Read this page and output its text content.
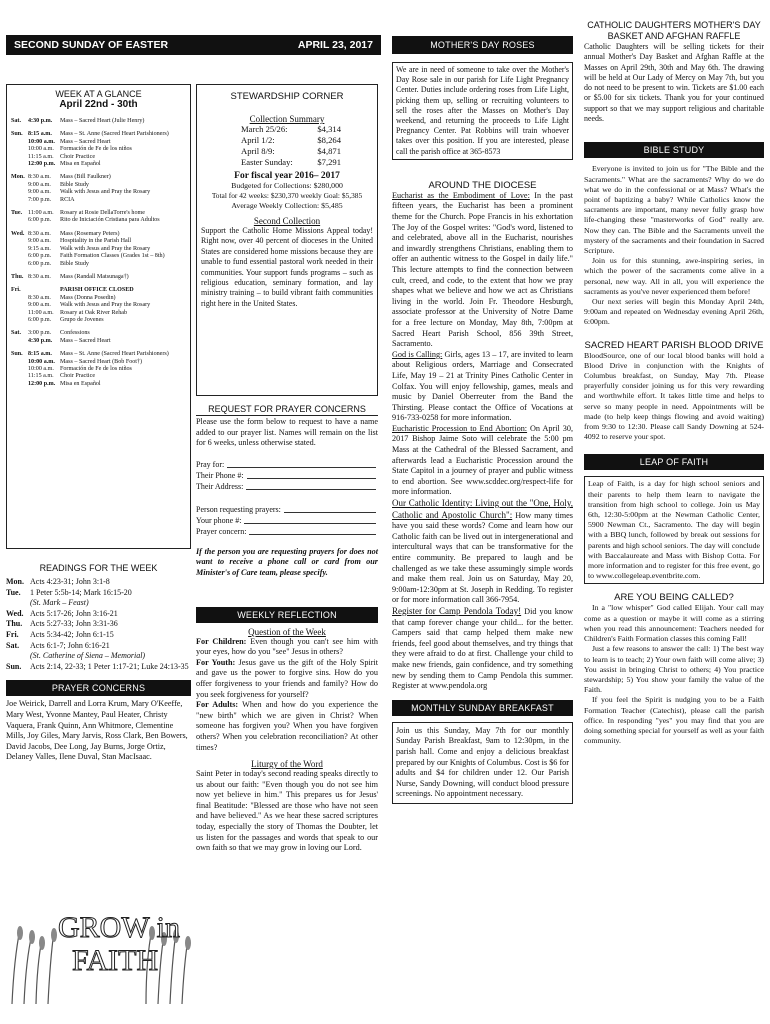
SECOND SUNDAY OF EASTER	APRIL 23, 2017
WEEK AT A GLANCE
April 22nd - 30th
Sat.	4:30 p.m.	Mass – Sacred Heart (Julie Henry)
Sun. 8:15 a.m.	Mass – St. Anne (Sacred Heart Parishioners)
10:00 a.m. Mass – Sacred Heart
10:00 a.m. Formación de Fe de los niños
11:15 a.m.	Choir Practice
12:00 p.m. Misa en Español
Mon. 8:30 a.m.	Mass (Bill Faulkner)
9:00 a.m.	Bible Study
9:00 a.m.	Walk with Jesus and Pray the Rosary
7:00 p.m.	RCIA
Tue. 11:00 a.m.	Rosary at Rosie DellaTorre's home
6:00 p.m.	Rito de Iniciación Cristiana para Adultos
Wed. 8:30 a.m.	Mass (Rosemary Peters)
9:00 a.m.	Hospitality in the Parish Hall
9:15 a.m.	Walk with Jesus and Pray the Rosary
6:00 p.m.	Faith Formation Classes (Grades 1st – 8th)
6:00 p.m.	Bible Study
Thu. 8:30 a.m.	Mass (Randall Matsunaga†)
Fri.	PARISH OFFICE CLOSED
8:30 a.m.	Mass (Donna Posedin)
9:00 a.m.	Walk with Jesus and Pray the Rosary
11:00 a.m.	Rosary at Oak River Rehab
6:00 p.m.	Grupo de Jovenes
Sat.	3:00 p.m.	Confessions
4:30 p.m.	Mass – Sacred Heart
Sun. 8:15 a.m.	Mass – St. Anne (Sacred Heart Parishioners)
10:00 a.m. Mass – Sacred Heart (Bob Foot†)
10:00 a.m. Formación de Fe de los niños
11:15 a.m.	Choir Practice
12:00 p.m. Misa en Español
READINGS FOR THE WEEK
Mon. Acts 4:23-31; John 3:1-8
Tue.	1 Peter 5:5b-14; Mark 16:15-20
(St. Mark – Feast)
Wed. Acts 5:17-26; John 3:16-21
Thu. Acts 5:27-33; John 3:31-36
Fri.	Acts 5:34-42; John 6:1-15
Sat.	Acts 6:1-7; John 6:16-21
(St. Catherine of Siena – Memorial)
Sun.	Acts 2:14, 22-33; 1 Peter 1:17-21; Luke 24:13-35
PRAYER CONCERNS
Joe Weirick, Darrell and Lorra Krum, Mary O'Keeffe, Mary West, Yvonne Mantey, Paul Heater, Christy Vaquera, Frank Quinn, Ann Whitmore, Clementine Mills, Joy Giles, Mary Jarvis, Ross Clark, Ben Bowers, David Jacobs, Dee Long, Jay Burns, Jorge Ortiz, Delaney Valles, Ilene Duval, Stan MacIsaac.
GROW in
FAITH
STEWARDSHIP CORNER
Collection Summary
March 25/26:	$4,314
April 1/2:	$8,264
April 8/9:	$4,871
Easter Sunday:	$7,291
For fiscal year 2016– 2017
Budgeted for Collections: $280,000
Total for 42 weeks: $230,370 weekly Goal: $5,385
Average Weekly Collection: $5,485
Second Collection
Support the Catholic Home Missions Appeal today! Right now, over 40 percent of dioceses in the United States are considered home missions because they are unable to fund essential pastoral work needed in their communities. Your support funds programs – such as religious education, seminary formation, and lay ministry training – to build vibrant faith communities right here in the United States.
REQUEST FOR PRAYER CONCERNS
Please use the form below to request to have a name added to our prayer list. Names will remain on the list for 6 weeks, unless otherwise stated.
Pray for:
Their Phone #:
Their Address:
Person requesting prayers:
Your phone #:
Prayer concern:
If the person you are requesting prayers for does not want to receive a phone call or card from our Minister's of Care team, please specify.
WEEKLY REFLECTION
Question of the Week
For Children: Even though you can't see him with your eyes, how do you "see" Jesus in others?
For Youth: Jesus gave us the gift of the Holy Spirit and gave us the power to forgive sins. How do you offer forgiveness to your friends and family? How do you seek forgiveness for yourself?
For Adults: When and how do you experience the "new birth" which we are given in Christ? When someone has forgiven you? When you have forgiven others? When you celebration reconciliation? At other times?
Liturgy of the Word
Saint Peter in today's second reading speaks directly to us about our faith: "Even though you do not see him now yet believe in him." This prepares us for Jesus' final Beatitude: "Blessed are those who have not seen and have believed." As we hear these sacred scriptures today, especially the story of Thomas the Doubter, let us listen for the passages and words that speak to our own faith so that we may grow in loving our Lord.
MOTHER'S DAY ROSES
We are in need of someone to take over the Mother's Day Rose sale in our parish for Life Light Pregnancy Center. Duties include ordering roses from Life Light, picking them up, selling or recruiting volunteers to sell the roses after the Masses on Mother's Day weekend, and returning the proceeds to Life Light Pregnancy Center. Pat Robbins will train whoever takes over this position. If you are interested, please call the parish office at 365-8573
AROUND THE DIOCESE
Eucharist as the Embodiment of Love: In the past fifteen years, the Eucharist has been a prominent theme for the Church. Pope Francis in his exhortation The Joy of the Gospel writes: "God's word, listened to and celebrated, above all in the Eucharist, nourishes and inwardly strengthens Christians, enabling them to offer an authentic witness to the Gospel in daily life." This lecture attempts to find the connection between cult, creed, and code, to the extent that how we pray shapes what we believe and how we act as Christians living in the world. Join Fr. Theodore Hesburgh, associate professor at the University of Notre Dame for a free lecture on Monday, May 8th, 7:00pm at Sacred Heart Parish School, 856 39th Street, Sacramento.
God is Calling: Girls, ages 13 – 17, are invited to learn about Religious orders, Marriage and Consecrated Life, May 19 – 21 at Trinity Pines Catholic Center in Colfax. You will enjoy fellowship, games, meals and music by Daniel Oberreuter from the Band the Thirsting. Please contact the Office of Vocations at 916-733-0258 for more information.
Eucharistic Procession to End Abortion: On April 30, 2017 Bishop Jaime Soto will celebrate the 5:00 pm Mass at the Cathedral of the Blessed Sacrament, and afterwards lead a Eucharistic Procession around the State Capitol in a journey of prayer and public witness to end abortion. See www.scddec.org/respect-life for more information.
Our Catholic Identity: Living out the "One, Holy, Catholic and Apostolic Church": How many times have you said these words? Come and learn how our Catholic faith can be lived out in intergenerational and intercultural ways that can be transformative for the entire community. Be prepared to laugh and be challenged as we take these assumingly simple words and make them real. Join us on Saturday, May 20, 9:00am-12:30pm at St. Joseph in Redding. To register or for more information call 366-7954.
Register for Camp Pendola Today! Did you know that camp forever change your child... for the better. Campers said that camp helped them make new friends, feel good about themselves, and try things that they were afraid to do at first. Challenge your child to make new friends, gain confidence, and try something new by sending them to Camp Pendola this summer. Register at www.pendola.org
MONTHLY SUNDAY BREAKFAST
Join us this Sunday, May 7th for our monthly Sunday Parish Breakfast, 9am to 12:30pm, in the parish hall. Come and enjoy a delicious breakfast prepared by our Knights of Columbus. Cost is $6 for adults and $4 for children under 12. Our Parish Nurse, Sandy Downing, will conduct blood pressure screenings. No appointment necessary.
CATHOLIC DAUGHTERS MOTHER'S DAY BASKET AND AFGHAN RAFFLE
Catholic Daughters will be selling tickets for their annual Mother's Day Basket and Afghan Raffle at the Masses on April 29th, 30th and May 6th. The drawing will be held at Our Lady of Mercy on May 7th, but you do not need to be present to win. Tickets are $1.00 each or $5.00 for six tickets. Thank you for your continued support so that we may support religious and charitable needs.
BIBLE STUDY
Everyone is invited to join us for "The Bible and the Sacraments." What are the sacraments? Why do we do what we do in the confessional or at Mass? What's the point of baptizing a baby? While Catholics know the sacraments are important, many never fully grasp how life-changing these "masterworks of God" really are. Now they can. The Bible and the Sacraments unveil the mystery of the sacraments and their foundation in Sacred Scripture.
Join us for this stunning, awe-inspiring series, in which the power of the sacraments come alive in a personal, new way. All in all, you will experience the sacraments as you've never experienced them before!
Our next series will begin this Monday April 24th, 9:00am and repeated on Wednesday evening April 26th, 6:00pm.
SACRED HEART PARISH BLOOD DRIVE
BloodSource, one of our local blood banks will hold a Blood Drive in conjunction with the Knights of Columbus breakfast, on Sunday, May 7th. Please prayerfully consider joining us for this very rewarding and worthwhile effort. It takes little time and helps to serve so many people in need. Appointments will be made (to help keep things flowing and avoid waiting) from 9:30 to 12:30. Please call Sandy Downing at 524-4092 to reserve your spot.
LEAP OF FAITH
Leap of Faith, is a day for high school seniors and their parents to help them learn to navigate the transition from high school to college. Join us May 6th, 12:30-5:00pm at the Newman Catholic Center, 5900 Newman Ct., Sacramento. The day will begin with a BBQ lunch, followed by break out sessions for parents and high school seniors. The day will conclude with Baccalaureate and Mass with Bishop Cotta. For more information and to register for this free event, go to www.collegeleap.eventbrite.com.
ARE YOU BEING CALLED?
In a "low whisper" God called Elijah. Your call may come as a question or maybe it will come as a stirring when you read this announcement: Teachers needed for Children's Faith Formation classes this coming Fall!
Just a few reasons to answer the call: 1) The best way to learn is to teach; 2) Your own faith will come alive; 3) You assist in bringing Christ to others; 4) You practice stewardship; 5) You show your family the value of the Faith.
If you feel the Spirit is nudging you to be a Faith Formation Teacher (Catechist), please call the parish office. In responding "yes" you may find that you are doing something special for yourself as well as your faith community.
